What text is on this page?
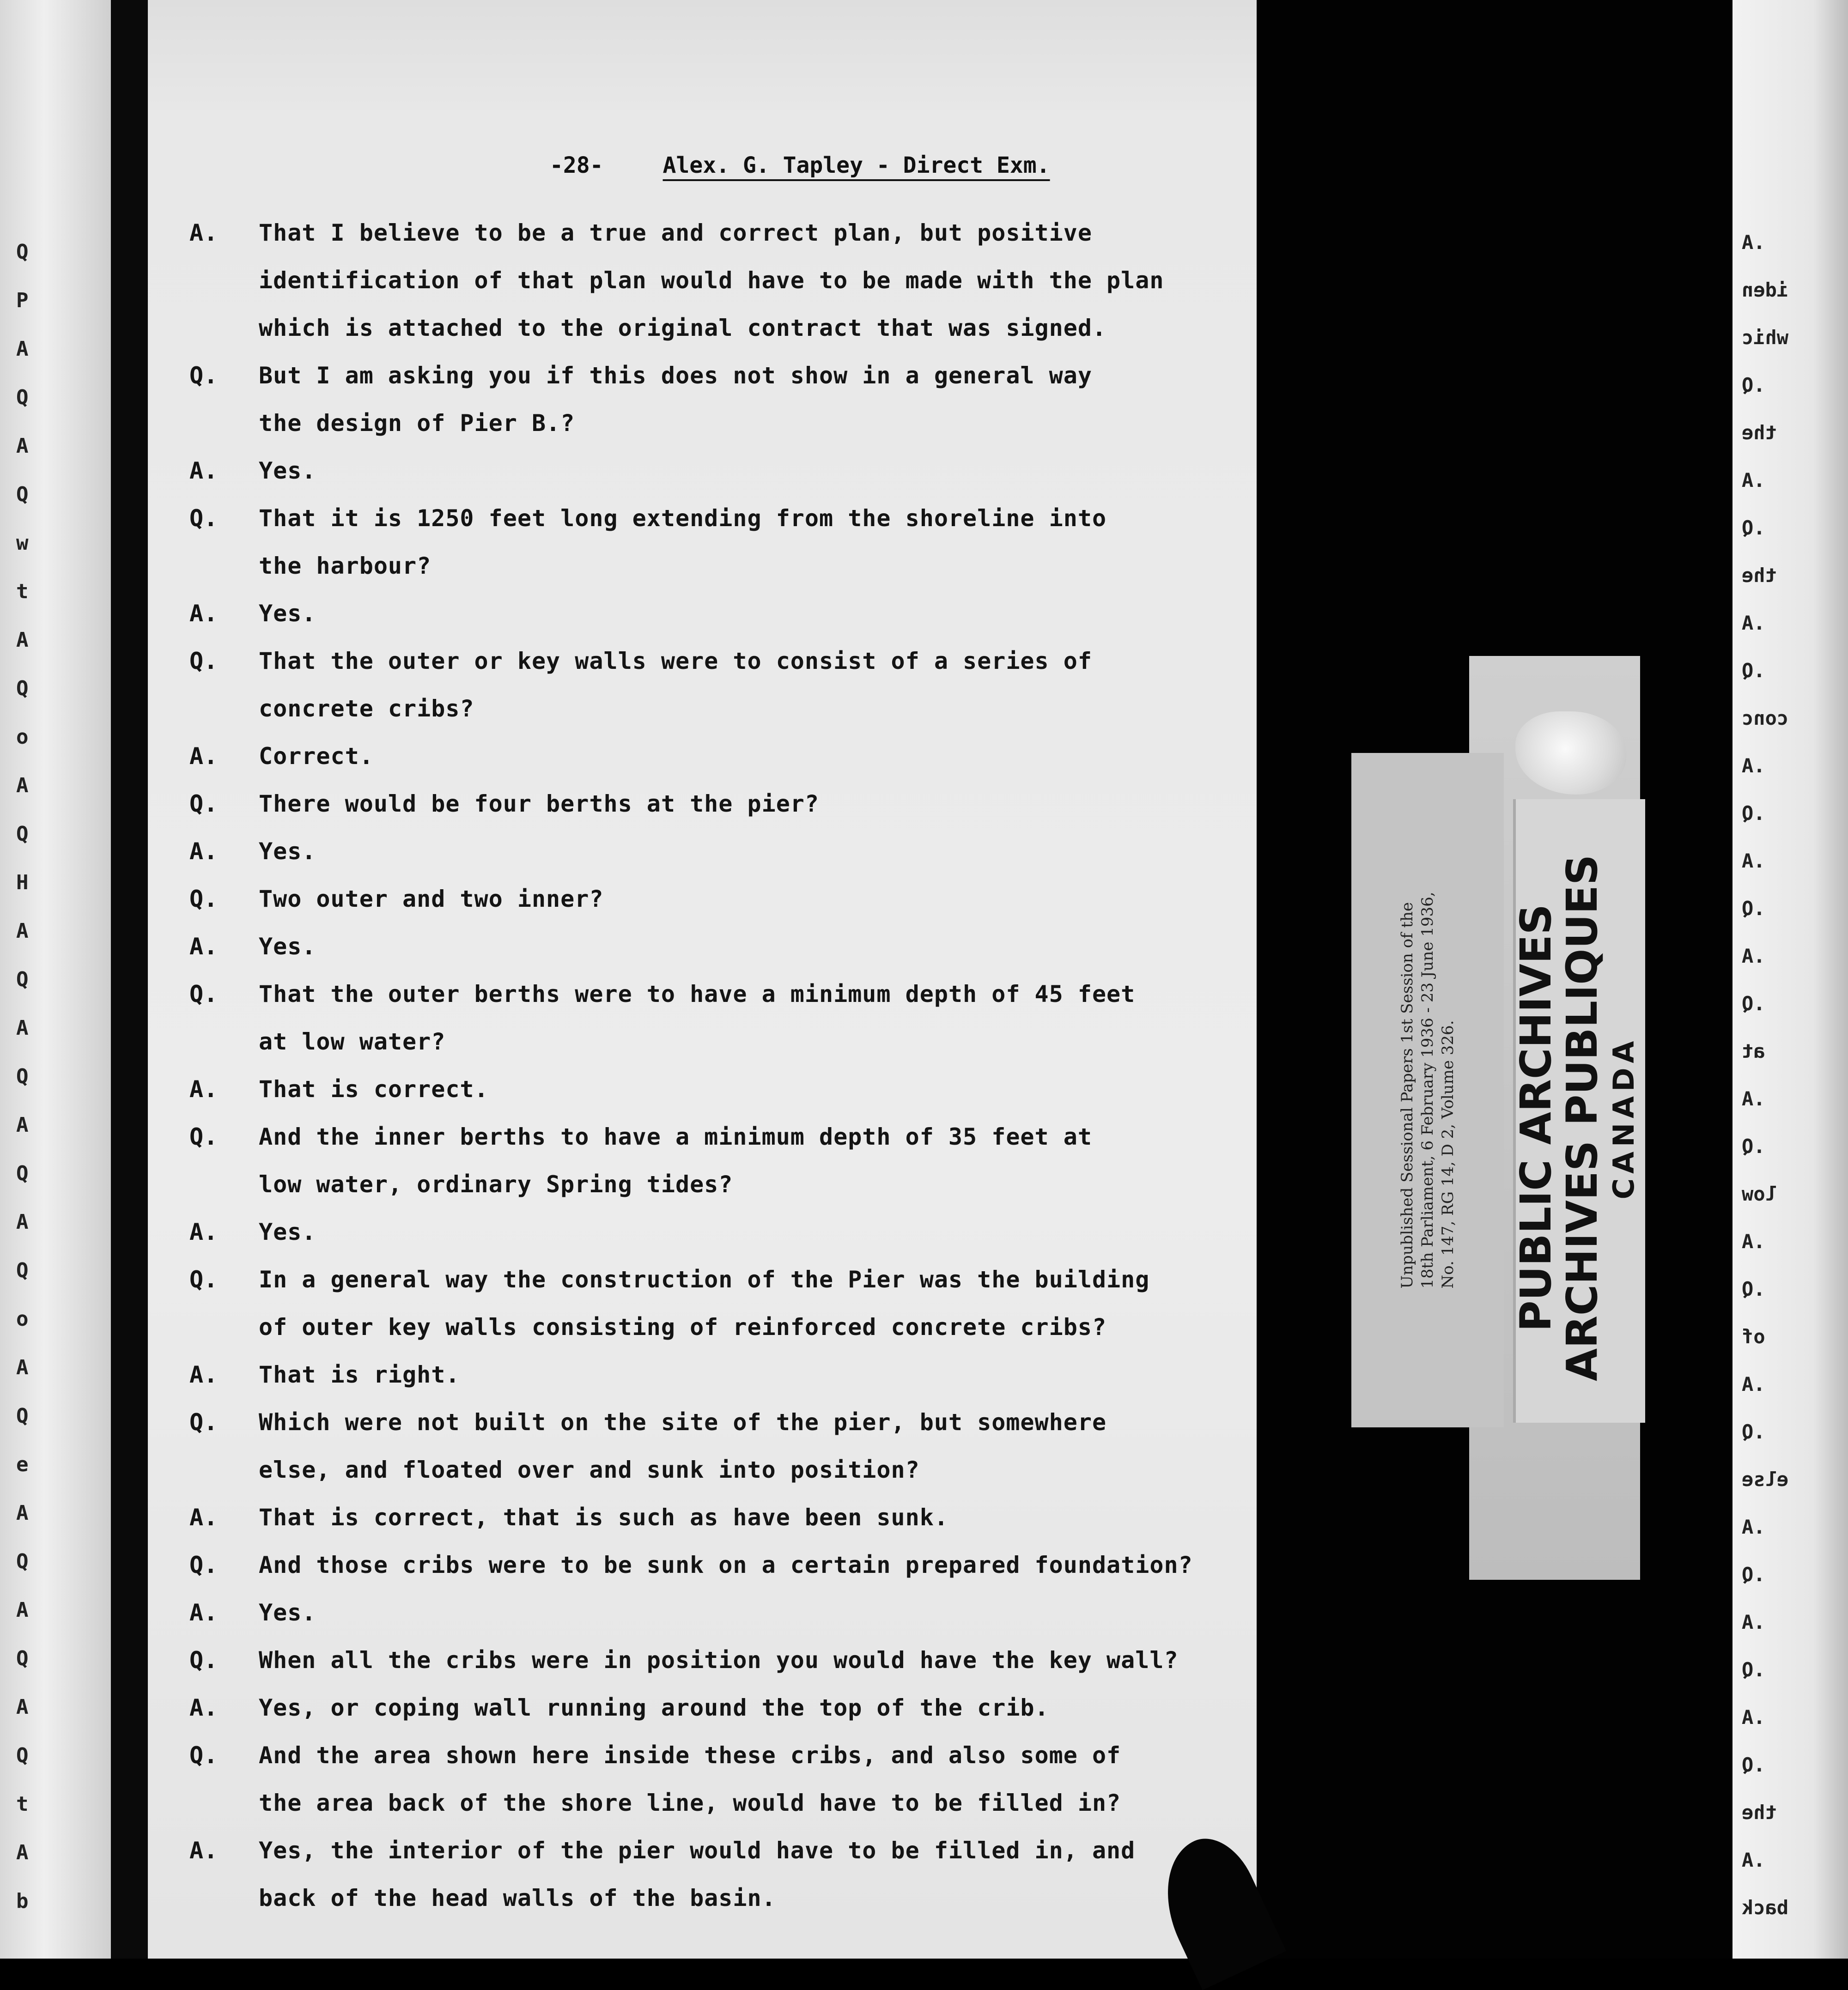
Q
P
A
Q
A
Q
w
t
A
Q
o
A
Q
H
A
Q
A
Q
A
Q
A
Q
o
A
Q
e
A
Q
A
Q
A
Q
t
A
b
-28-	Alex. G. Tapley - Direct Exm.
A. That I believe to be a true and correct plan, but positive
identification of that plan would have to be made with the plan
which is attached to the original contract that was signed.
Q. But I am asking you if this does not show in a general way
the design of Pier B.?
A. Yes.
Q. That it is 1250 feet long extending from the shoreline into
the harbour?
A. Yes.
Q. That the outer or key walls were to consist of a series of
concrete cribs?
A. Correct.
Q. There would be four berths at the pier?
A. Yes.
Q. Two outer and two inner?
A. Yes.
Q. That the outer berths were to have a minimum depth of 45 feet
at low water?
A. That is correct.
Q. And the inner berths to have a minimum depth of 35 feet at
low water, ordinary Spring tides?
A. Yes.
Q. In a general way the construction of the Pier was the building
of outer key walls consisting of reinforced concrete cribs?
A. That is right.
Q. Which were not built on the site of the pier, but somewhere
else, and floated over and sunk into position?
A. That is correct, that is such as have been sunk.
Q. And those cribs were to be sunk on a certain prepared foundation?
A. Yes.
Q. When all the cribs were in position you would have the key wall?
A. Yes, or coping wall running around the top of the crib.
Q. And the area shown here inside these cribs, and also some of
the area back of the shore line, would have to be filled in?
A. Yes, the interior of the pier would have to be filled in, and
back of the head walls of the basin.
.A
iden
whic
.Q
the
.A
.Q
the
.A
.Q
conc
.A
.Q
.A
.Q
.A
.Q
at
.A
.Q
low
.A
.Q
of
.A
.Q
else
.A
.Q
.A
.Q
.A
.Q
the
.A
back
Unpublished Sessional Papers 1st Session of the 18th Parliament, 6 February 1936 - 23 June 1936, No. 147, RG 14, D 2, Volume 326. PUBLIC ARCHIVES
ARCHIVES PUBLIQUES CANADA
